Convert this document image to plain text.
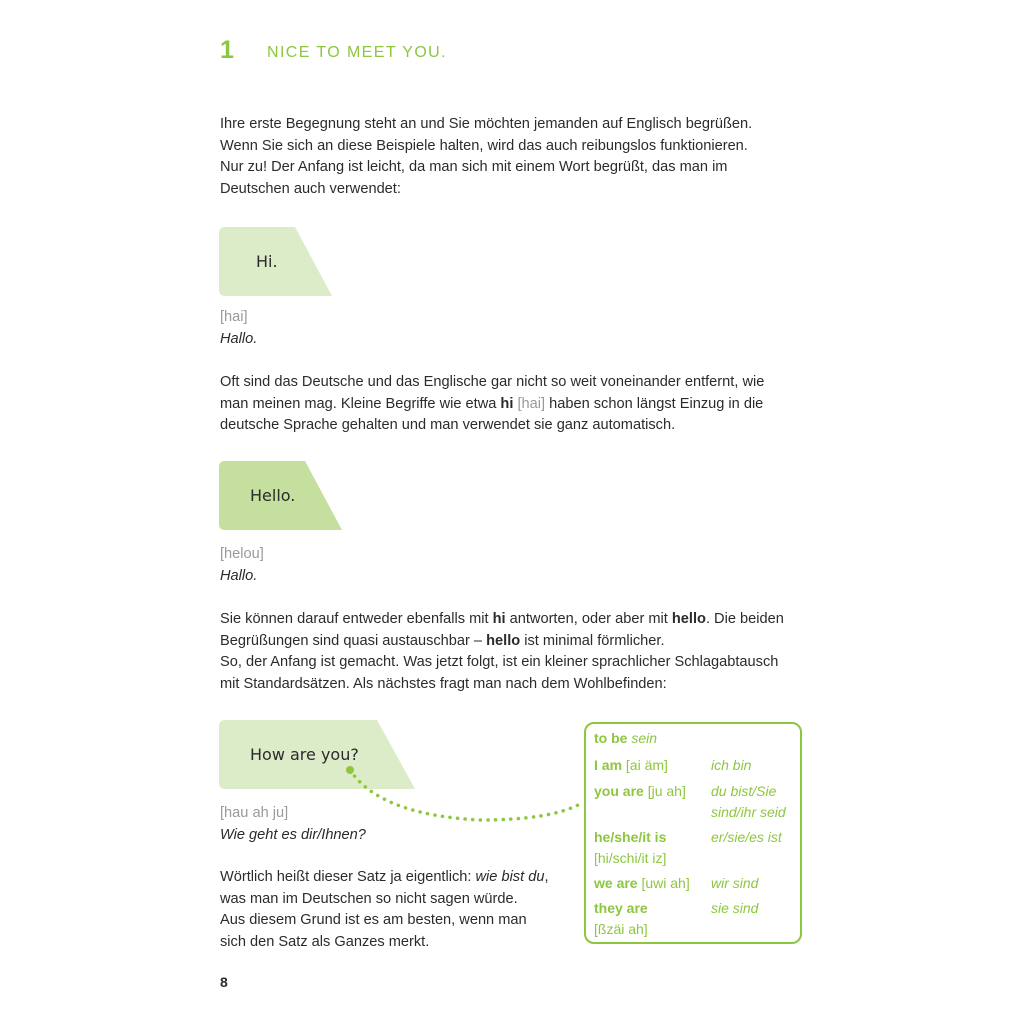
1 NICE TO MEET YOU.

Ihre erste Begegnung steht an und Sie möchten jemanden auf Englisch begrüßen.

Wenn Sie sich an diese Beispiele halten, wird das auch reibungslos funktionieren.

Nur zu! Der Anfang ist leicht, da man sich mit einem Wort begrüßt, das man im

Deutschen auch verwendet:

Hi.
[hai]
Hallo.

Oft sind das Deutsche und das Englische gar nicht so weit voneinander entfernt, wie

man meinen mag. Kleine Begriffe wie etwa hi [hai] haben schon längst Einzug in die

deutsche Sprache gehalten und man verwendet sie ganz automatisch.

Hello.
[helou]
Hallo.

Sie können darauf entweder ebenfalls mit hi antworten, oder aber mit hello. Die beiden

Begrüßungen sind quasi austauschbar – hello ist minimal förmlicher.

So, der Anfang ist gemacht. Was jetzt folgt, ist ein kleiner sprachlicher Schlagabtausch

mit Standardsätzen. Als nächstes fragt man nach dem Wohlbefinden:

How are you?
[hau ah ju]
Wie geht es dir/Ihnen?

Wörtlich heißt dieser Satz ja eigentlich: wie bist du,

was man im Deutschen so nicht sagen würde.

Aus diesem Grund ist es am besten, wenn man

sich den Satz als Ganzes merkt.

to be sein
I am [ai äm]	ich bin
you are [ju ah] du bist/Sie
sind/ihr seid
he/she/it is
[hi/schi/it iz]
er/sie/es ist
we are [uwi ah] wir sind
they are
[ßzäi ah]
sie sind
8
